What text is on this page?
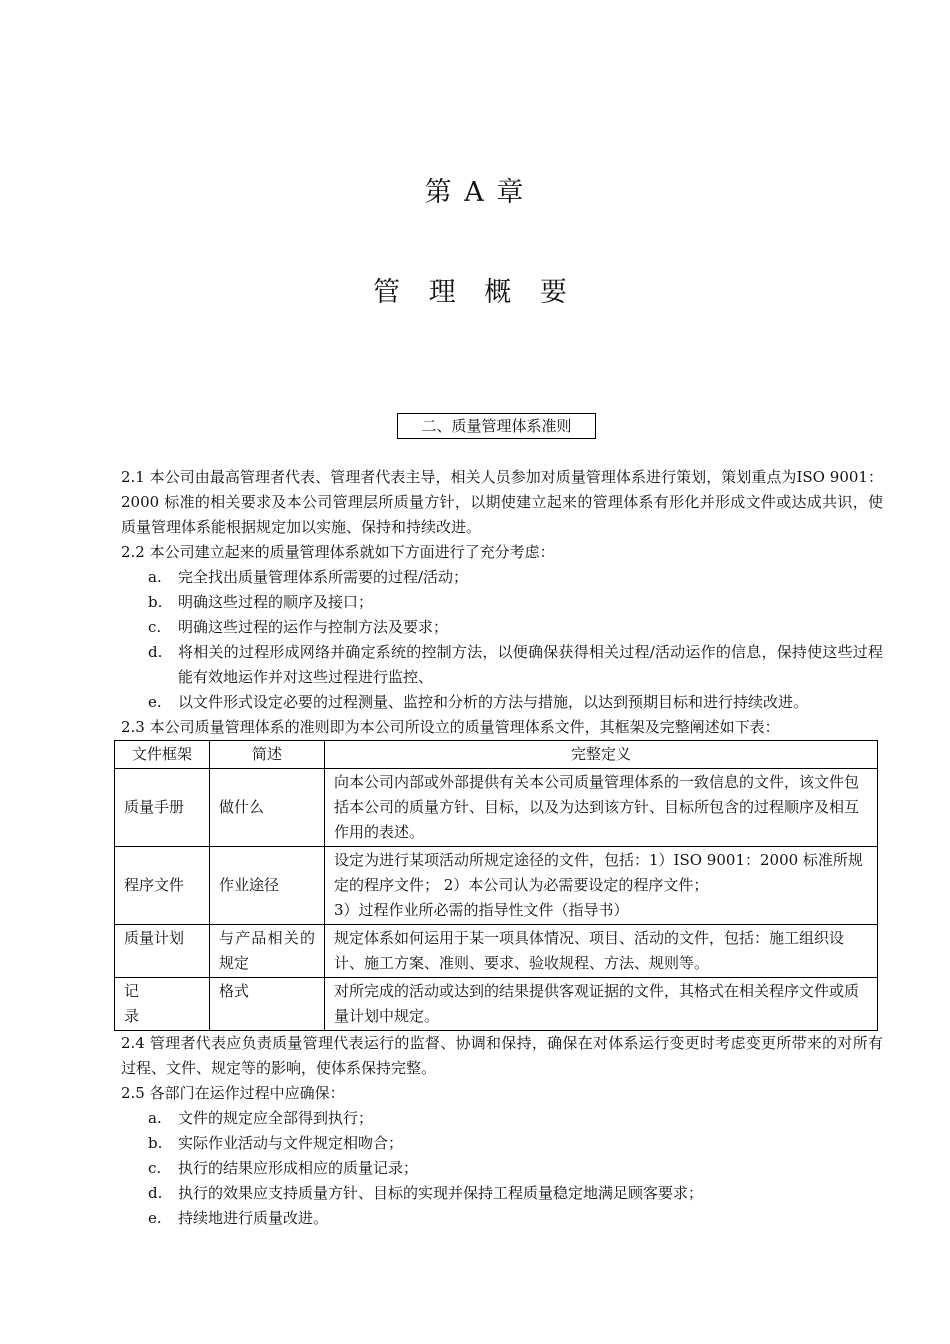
第 A 章
管 理 概 要
二、质量管理体系准则

2.1 本公司由最高管理者代表、管理者代表主导，相关人员参加对质量管理体系进行策划，策划重点为ISO 9001：2000 标准的相关要求及本公司管理层所质量方针，以期使建立起来的管理体系有形化并形成文件或达成共识，使质量管理体系能根据规定加以实施、保持和持续改进。

2.2 本公司建立起来的质量管理体系就如下方面进行了充分考虑：

a. 完全找出质量管理体系所需要的过程/活动；

b. 明确这些过程的顺序及接口；

c. 明确这些过程的运作与控制方法及要求；

d. 将相关的过程形成网络并确定系统的控制方法，以便确保获得相关过程/活动运作的信息，保持使这些过程能有效地运作并对这些过程进行监控、

e. 以文件形式设定必要的过程测量、监控和分析的方法与措施，以达到预期目标和进行持续改进。

2.3 本公司质量管理体系的准则即为本公司所设立的质量管理体系文件，其框架及完整阐述如下表：

文件框架	简述	完整定义
质量手册	做什么	向本公司内部或外部提供有关本公司质量管理体系的一致信息的文件，该文件包括本公司的质量方针、目标，以及为达到该方针、目标所包含的过程顺序及相互作用的表述。
程序文件	作业途径	设定为进行某项活动所规定途径的文件，包括：1）ISO 9001：2000 标准所规定的程序文件； 2）本公司认为必需要设定的程序文件；
3）过程作业所必需的指导性文件（指导书）
质量计划	与产品相关的规定	规定体系如何运用于某一项具体情况、项目、活动的文件，包括：施工组织设计、施工方案、准则、要求、验收规程、方法、规则等。
记 录	格式	对所完成的活动或达到的结果提供客观证据的文件，其格式在相关程序文件或质量计划中规定。

2.4 管理者代表应负责质量管理代表运行的监督、协调和保持，确保在对体系运行变更时考虑变更所带来的对所有过程、文件、规定等的影响，使体系保持完整。

2.5 各部门在运作过程中应确保：

a. 文件的规定应全部得到执行；

b. 实际作业活动与文件规定相吻合；

c. 执行的结果应形成相应的质量记录；

d. 执行的效果应支持质量方针、目标的实现并保持工程质量稳定地满足顾客要求；

e. 持续地进行质量改进。
